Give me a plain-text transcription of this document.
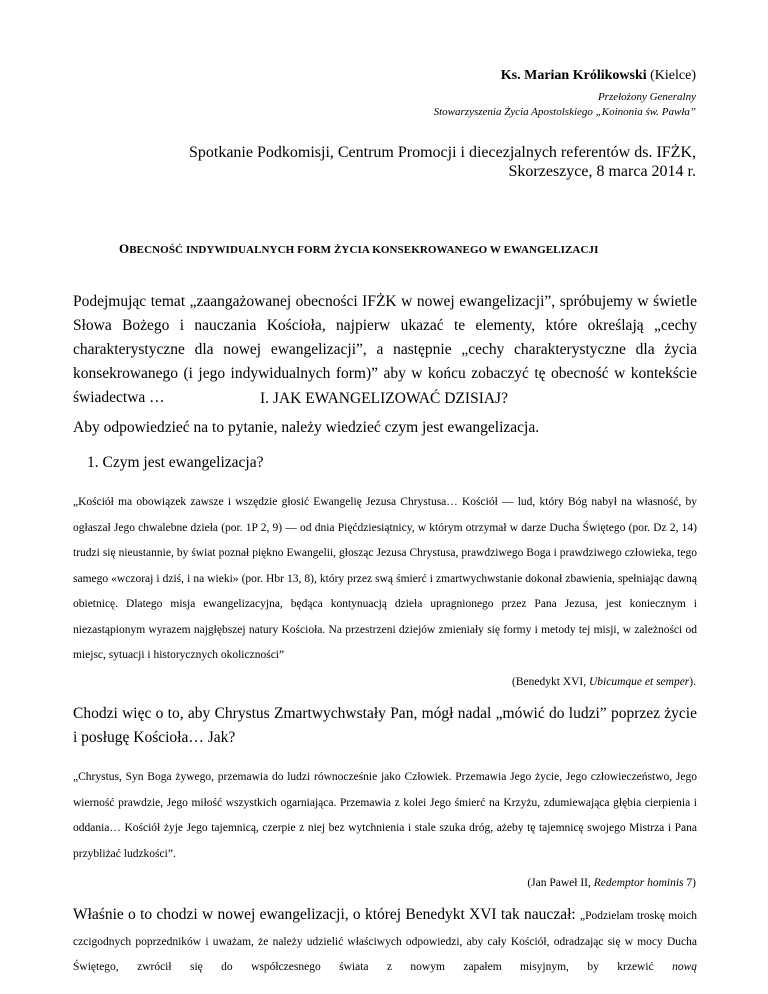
Ks. Marian Królikowski (Kielce)
Przełożony Generalny
Stowarzyszenia Życia Apostolskiego „Koinonia św. Pawła”
Spotkanie Podkomisji, Centrum Promocji i diecezjalnych referentów ds. IFŻK,
Skorzeszyce, 8 marca 2014 r.
OBECNOŚĆ INDYWIDUALNYCH FORM ŻYCIA KONSEKROWANEGO W EWANGELIZACJI
Podejmując temat „zaangażowanej obecności IFŻK w nowej ewangelizacji”, spróbujemy w świetle Słowa Bożego i nauczania Kościoła, najpierw ukazać te elementy, które określają „cechy charakterystyczne dla nowej ewangelizacji”, a następnie „cechy charakterystyczne dla życia konsekrowanego (i jego indywidualnych form)” aby w końcu zobaczyć tę obecność w kontekście świadectwa …	I. JAK EWANGELIZOWAĆ DZISIAJ?
Aby odpowiedzieć na to pytanie, należy wiedzieć czym jest ewangelizacja.
1. Czym jest ewangelizacja?
„Kościół ma obowiązek zawsze i wszędzie głosić Ewangelię Jezusa Chrystusa… Kościół — lud, który Bóg nabył na własność, by ogłaszał Jego chwalebne dzieła (por. 1P 2, 9) — od dnia Pięćdziesiątnicy, w którym otrzymał w darze Ducha Świętego (por. Dz 2, 14) trudzi się nieustannie, by świat poznał piękno Ewangelii, głosząc Jezusa Chrystusa, prawdziwego Boga i prawdziwego człowieka, tego samego «wczoraj i dziś, i na wieki» (por. Hbr 13, 8), który przez swą śmierć i zmartwychwstanie dokonał zbawienia, spełniając dawną obietnicę. Dlatego misja ewangelizacyjna, będąca kontynuacją dzieła upragnionego przez Pana Jezusa, jest koniecznym i niezastąpionym wyrazem najgłębszej natury Kościoła. Na przestrzeni dziejów zmieniały się formy i metody tej misji, w zależności od miejsc, sytuacji i historycznych okoliczności”
(Benedykt XVI, Ubicumque et semper).
Chodzi więc o to, aby Chrystus Zmartwychwstały Pan, mógł nadal „mówić do ludzi” poprzez życie i posługę Kościoła… Jak?
„Chrystus, Syn Boga żywego, przemawia do ludzi równocześnie jako Człowiek. Przemawia Jego życie, Jego człowieczeństwo, Jego wierność prawdzie, Jego miłość wszystkich ogarniająca. Przemawia z kolei Jego śmierć na Krzyżu, zdumiewająca głębia cierpienia i oddania… Kościół żyje Jego tajemnicą, czerpie z niej bez wytchnienia i stale szuka dróg, ażeby tę tajemnicę swojego Mistrza i Pana przybliżać ludzkości”.
(Jan Paweł II, Redemptor hominis 7)
Właśnie o to chodzi w nowej ewangelizacji, o której Benedykt XVI tak nauczał: „Podzielam troskę moich czcigodnych poprzedników i uważam, że należy udzielić właściwych odpowiedzi, aby cały Kościół, odradzając się w mocy Ducha Świętego, zwrócił się do współczesnego świata z nowym zapałem misyjnym, by krzewić nową
